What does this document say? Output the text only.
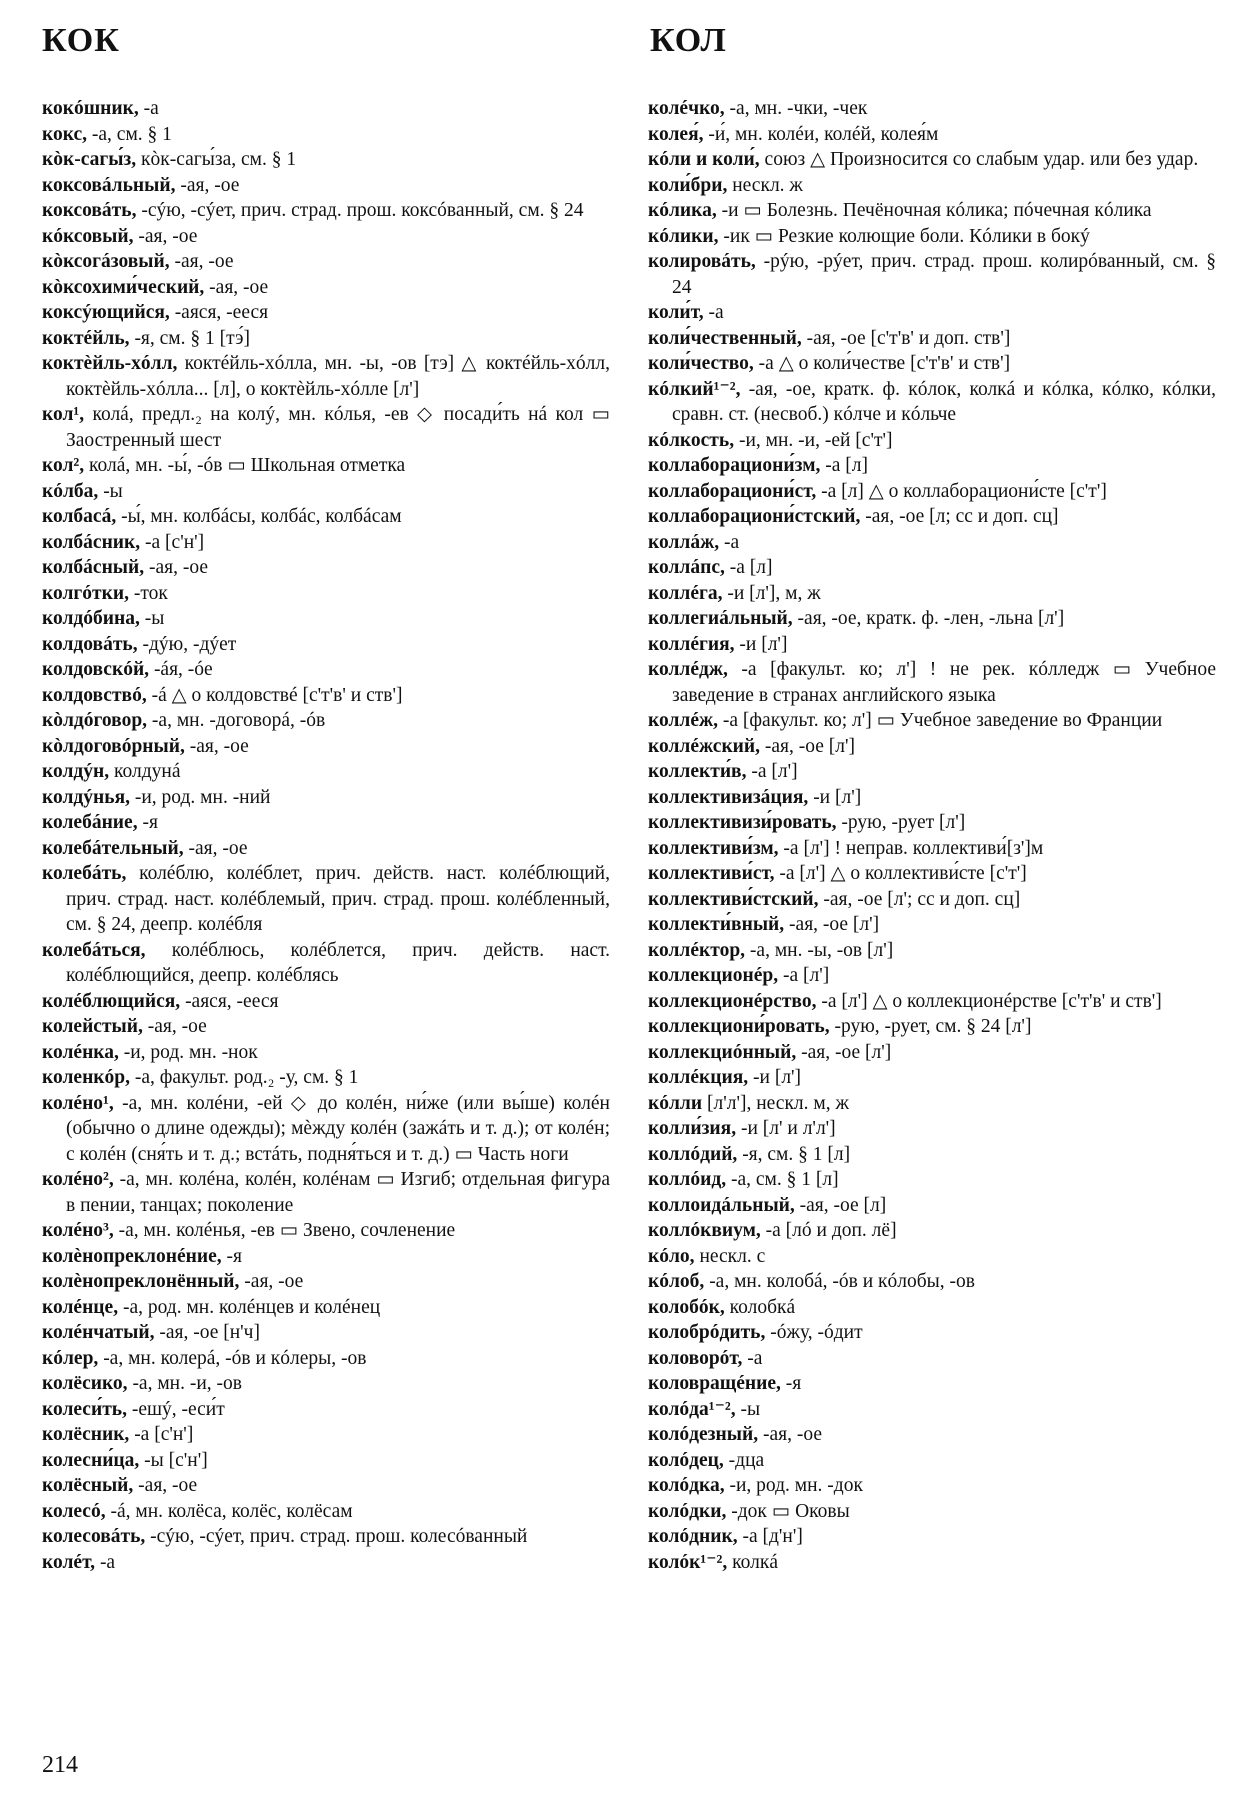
КОК	КОЛ

кокóшник, -а

кокс, -а, см. § 1

кòк-сагы́з, кòк-сагы́за, см. § 1

коксовáльный, -ая, -ое

коксовáть, -сýю, -сýет, прич. страд. прош. коксóванный, см. § 24

кóксовый, -ая, -ое

кòксогáзовый, -ая, -ое

кòксохими́ческий, -ая, -ое

коксýющийся, -аяся, -ееся

коктéйль, -я, см. § 1 [тэ́]

коктèйль-хóлл, коктéйль-хóлла, мн. -ы, -ов [тэ] △ коктéйль-хóлл, коктèйль-хóлла... [л], о коктèйль-хóлле [л']

кол¹, колá, предл.₂ на колý, мн. кóлья, -ев ◇ посади́ть нá кол ▭ Заостренный шест

кол², колá, мн. -ы́, -óв ▭ Школьная отметка

кóлба, -ы

колбасá, -ы́, мн. колбáсы, колбáс, колбáсам

колбáсник, -а [с'н']

колбáсный, -ая, -ое

колгóтки, -ток

колдóбина, -ы

колдовáть, -дýю, -дýет

колдовскóй, -áя, -óе

колдовствó, -á △ о колдовствé [с'т'в' и ств']

кòлдóговор, -а, мн. -договорá, -óв

кòлдоговóрный, -ая, -ое

колдýн, колдунá

колдýнья, -и, род. мн. -ний

колебáние, -я

колебáтельный, -ая, -ое

колебáть, колéблю, колéблет, прич. действ. наст. колéблющий, прич. страд. наст. колéблемый, прич. страд. прош. колéбленный, см. § 24, деепр. колéбля

колебáться, колéблюсь, колéблется, прич. действ. наст. колéблющийся, деепр. колéблясь

колéблющийся, -аяся, -ееся

колейстый, -ая, -ое

колéнка, -и, род. мн. -нок

коленкóр, -а, факульт. род.₂ -у, см. § 1

колéно¹, -а, мн. колéни, -ей ◇ до колéн, ни́же (или вы́ше) колéн (обычно о длине одежды); мèжду колéн (зажáть и т. д.); от колéн; с колéн (сня́ть и т. д.; встáть, подня́ться и т. д.) ▭ Часть ноги

колéно², -а, мн. колéна, колéн, колéнам ▭ Изгиб; отдельная фигура в пении, танцах; поколение

колéно³, -а, мн. колéнья, -ев ▭ Звено, сочленение

колèнопреклонéние, -я

колèнопреклонённый, -ая, -ое

колéнце, -а, род. мн. колéнцев и колéнец

колéнчатый, -ая, -ое [н'ч]

кóлер, -а, мн. колерá, -óв и кóлеры, -ов

колёсико, -а, мн. -и, -ов

колеси́ть, -ешý, -еси́т

колёсник, -а [с'н']

колесни́ца, -ы [с'н']

колёсный, -ая, -ое

колесó, -á, мн. колёса, колёс, колёсам

колесовáть, -сýю, -сýет, прич. страд. прош. колесóванный

колéт, -а

колéчко, -а, мн. -чки, -чек

колея́, -и́, мн. колéи, колéй, колея́м

кóли и коли́, союз △ Произносится со слабым удар. или без удар.

коли́бри, нескл. ж

кóлика, -и ▭ Болезнь. Печёночная кóлика; пóчечная кóлика

кóлики, -ик ▭ Резкие колющие боли. Кóлики в бокý

колировáть, -рýю, -рýет, прич. страд. прош. колирóванный, см. § 24

коли́т, -а

коли́чественный, -ая, -ое [с'т'в' и доп. ств']

коли́чество, -а △ о коли́честве [с'т'в' и ств']

кóлкий¹⁻², -ая, -ое, кратк. ф. кóлок, колкá и кóлка, кóлко, кóлки, сравн. ст. (несвоб.) кóлче и кóльче

кóлкость, -и, мн. -и, -ей [с'т']

коллаборациони́зм, -а [л]

коллаборациони́ст, -а [л] △ о коллаборациони́сте [с'т']

коллаборациони́стский, -ая, -ое [л; сс и доп. сц]

коллáж, -а

коллáпс, -а [л]

коллéга, -и [л'], м, ж

коллегиáльный, -ая, -ое, кратк. ф. -лен, -льна [л']

коллéгия, -и [л']

коллéдж, -а [факульт. ко; л'] ! не рек. кóлледж ▭ Учебное заведение в странах английского языка

коллéж, -а [факульт. ко; л'] ▭ Учебное заведение во Франции

коллéжский, -ая, -ое [л']

коллекти́в, -а [л']

коллективизáция, -и [л']

коллективизи́ровать, -рую, -рует [л']

коллективи́зм, -а [л'] ! неправ. коллективи́[з']м

коллективи́ст, -а [л'] △ о коллективи́сте [с'т']

коллективи́стский, -ая, -ое [л'; сс и доп. сц]

коллекти́вный, -ая, -ое [л']

коллéктор, -а, мн. -ы, -ов [л']

коллекционéр, -а [л']

коллекционéрство, -а [л'] △ о коллекционéрстве [с'т'в' и ств']

коллекциони́ровать, -рую, -рует, см. § 24 [л']

коллекциóнный, -ая, -ое [л']

коллéкция, -и [л']

кóлли [л'л'], нескл. м, ж

колли́зия, -и [л' и л'л']

коллóдий, -я, см. § 1 [л]

коллóид, -а, см. § 1 [л]

коллоидáльный, -ая, -ое [л]

коллóквиум, -а [лó и доп. лё]

кóло, нескл. с

кóлоб, -а, мн. колобá, -óв и кóлобы, -ов

колобóк, колобкá

колобрóдить, -óжу, -óдит

коловорóт, -а

коловращéние, -я

колóда¹⁻², -ы

колóдезный, -ая, -ое

колóдец, -дца

колóдка, -и, род. мн. -док

колóдки, -док ▭ Оковы

колóдник, -а [д'н']

колóк¹⁻², колкá

214
